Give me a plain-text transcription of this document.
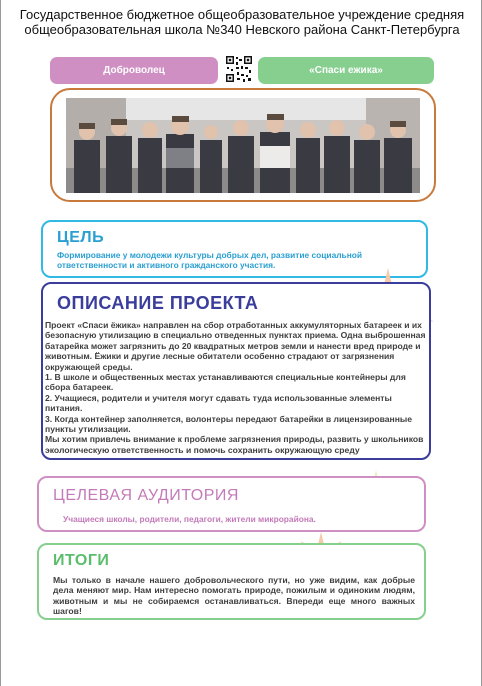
Государственное бюджетное общеобразовательное учреждение средняя общеобразовательная школа №340 Невского района Санкт-Петербурга
Доброволец	«Спаси ежика»
ЦЕЛЬ
Формирование у молодежи культуры добрых дел, развитие социальной ответственности и активного гражданского участия.
ОПИСАНИЕ ПРОЕКТА
Проект «Спаси ёжика» направлен на сбор отработанных аккумуляторных батареек и их безопасную утилизацию в специально отведенных пунктах приема. Одна выброшенная батарейка может загрязнить до 20 квадратных метров земли и нанести вред природе и животным. Ёжики и другие лесные обитатели особенно страдают от загрязнения окружающей среды.
1. В школе и общественных местах устанавливаются специальные контейнеры для сбора батареек.
2. Учащиеся, родители и учителя могут сдавать туда использованные элементы питания.
3. Когда контейнер заполняется, волонтеры передают батарейки в лицензированные пункты утилизации.
Мы хотим привлечь внимание к проблеме загрязнения природы, развить у школьников экологическую ответственность и помочь сохранить окружающую среду
ЦЕЛЕВАЯ АУДИТОРИЯ
Учащиеся школы, родители, педагоги, жители микрорайона.
ИТОГИ
Мы только в начале нашего добровольческого пути, но уже видим, как добрые дела меняют мир. Нам интересно помогать природе, пожилым и одиноким людям, животным и мы не собираемся останавливаться. Впереди еще много важных шагов!
